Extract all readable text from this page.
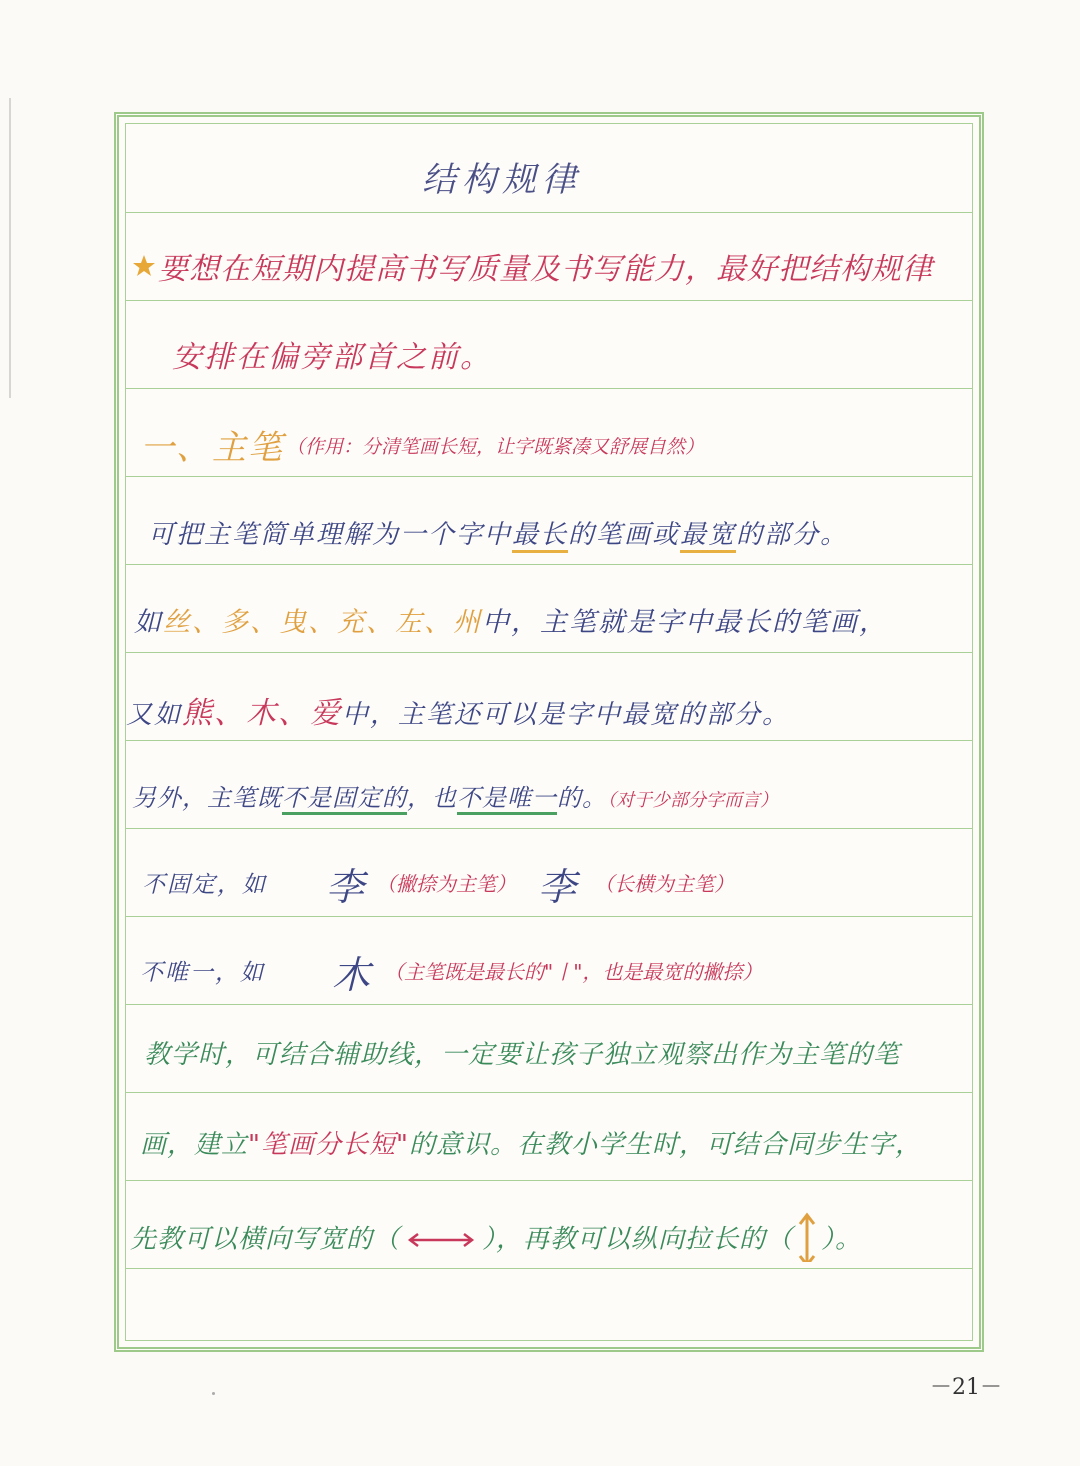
结构规律
要想在短期内提高书写质量及书写能力，最好把结构规律
安排在偏旁部首之前。
一、主笔 （作用：分清笔画长短，让字既紧凑又舒展自然）
可把主笔简单理解为一个字中最长的笔画或最宽的部分。
如丝、多、曳、充、左、州中，主笔就是字中最长的笔画，
又如熊、木、爱中，主笔还可以是字中最宽的部分。
另外，主笔既不是固定的，也不是唯一的。（对于少部分字而言）
不固定，如 李 （撇捺为主笔） 李 （长横为主笔）
不唯一，如 木 （主笔既是最长的"丨"，也是最宽的撇捺）
教学时，可结合辅助线，一定要让孩子独立观察出作为主笔的笔
画，建立"笔画分长短"的意识。在教小学生时，可结合同步生字，
先教可以横向写宽的（	），再教可以纵向拉长的（ ）。
－21－
